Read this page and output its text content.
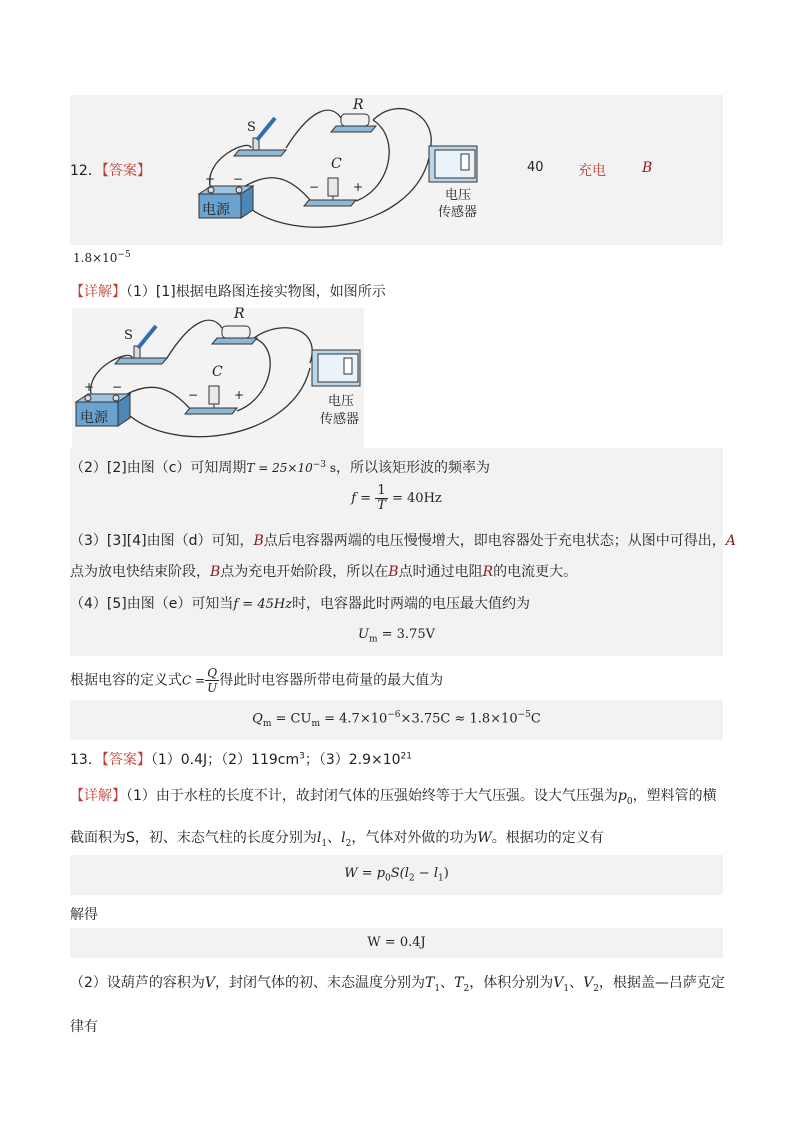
12．【答案】
R
S
C
+ −
−	+
电源
电压
传感器
40 充电	B
$1.8\times 10^{-5}$
【详解】（1）[1]根据电路图连接实物图，如图所示
R
S
C
+ −
−	+
电源
电压
传感器
（2）[2]由图（c）可知周期$T = 25\times 10^{-3}$ s，所以该矩形波的频率为
$f = \frac{1}{T} = 40Hz$
（3）[3][4]由图（d）可知，B点后电容器两端的电压慢慢增大，即电容器处于充电状态；从图中可得出，A
点为放电快结束阶段，B点为充电开始阶段，所以在B点时通过电阻R的电流更大。
（4）[5]由图（e）可知当f = 45Hz时，电容器此时两端的电压最大值约为
$U_m = 3.75V$
根据电容的定义式$C = \frac{Q}{U}$ 得此时电容器所带电荷量的最大值为
$Q_m = CU_m = 4.7\times 10^{-6}\times 3.75C \approx 1.8\times 10^{-5}C$
13．【答案】（1）0.4J；$(2)119cm^3$；$(3)2.9\times 10^{21}$
【详解】（1）由于水柱的长度不计，故封闭气体的压强始终等于大气压强。设大气压强为$p_0$，塑料管的横
截面积为S，初、末态气柱的长度分别为$l_1$、$l_2$，气体对外做的功为W。根据功的定义有
$W = p_0S(l_2 - l_1)$
解得
W = 0.4J
（2）设葫芦的容积为V，封闭气体的初、末态温度分别为$T_1$、$T_2$，体积分别为$V_1$、$V_2$，根据盖—吕萨克定
律有
